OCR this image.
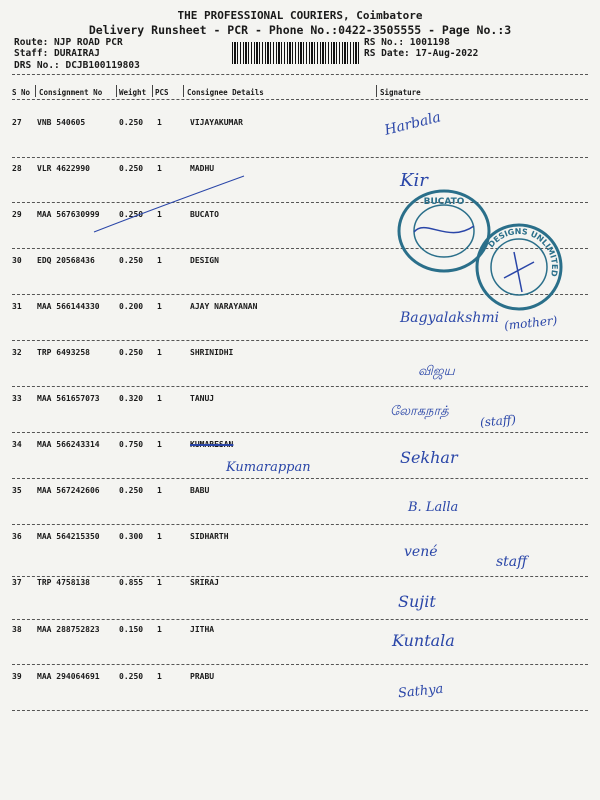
THE PROFESSIONAL COURIERS, Coimbatore
Delivery Runsheet - PCR - Phone No.:0422-3505555 - Page No.:3
Route: NJP ROAD PCR
Staff: DURAIRAJ
DRS No.: DCJB100119803
RS No.: 1001198
RS Date: 17-Aug-2022
S No Consignment No Weight PCS Consignee Details	Signature
27 VNB 540605	0.250 1	VIJAYAKUMAR	Harbala
28 VLR 4622990	0.250 1	MADHU
Kir
29 MAA 567630999 0.250 1	BUCATO
30 EDQ 20568436	0.250 1	DESIGN
31 MAA 566144330 0.200 1	AJAY NARAYANAN
Bagyalakshmi (mother)
32 TRP 6493258	0.250 1	SHRINIDHI
விஜய
33 MAA 561657073 0.320 1	TANUJ
லோகநாத்
(staff)
34 MAA 566243314 0.750 1	KUMARESAN
Kumarappan
Sekhar
35 MAA 567242606 0.250 1	BABU
B. Lalla
36 MAA 564215350 0.300 1	SIDHARTH
vené
staff
37 TRP 4758138	0.855 1	SRIRAJ
Sujit
38 MAA 288752823 0.150 1	JITHA
Kuntala
39 MAA 294064691 0.250 1	PRABU
Sathya
BUCATO
DESIGNS UNLIMITED
